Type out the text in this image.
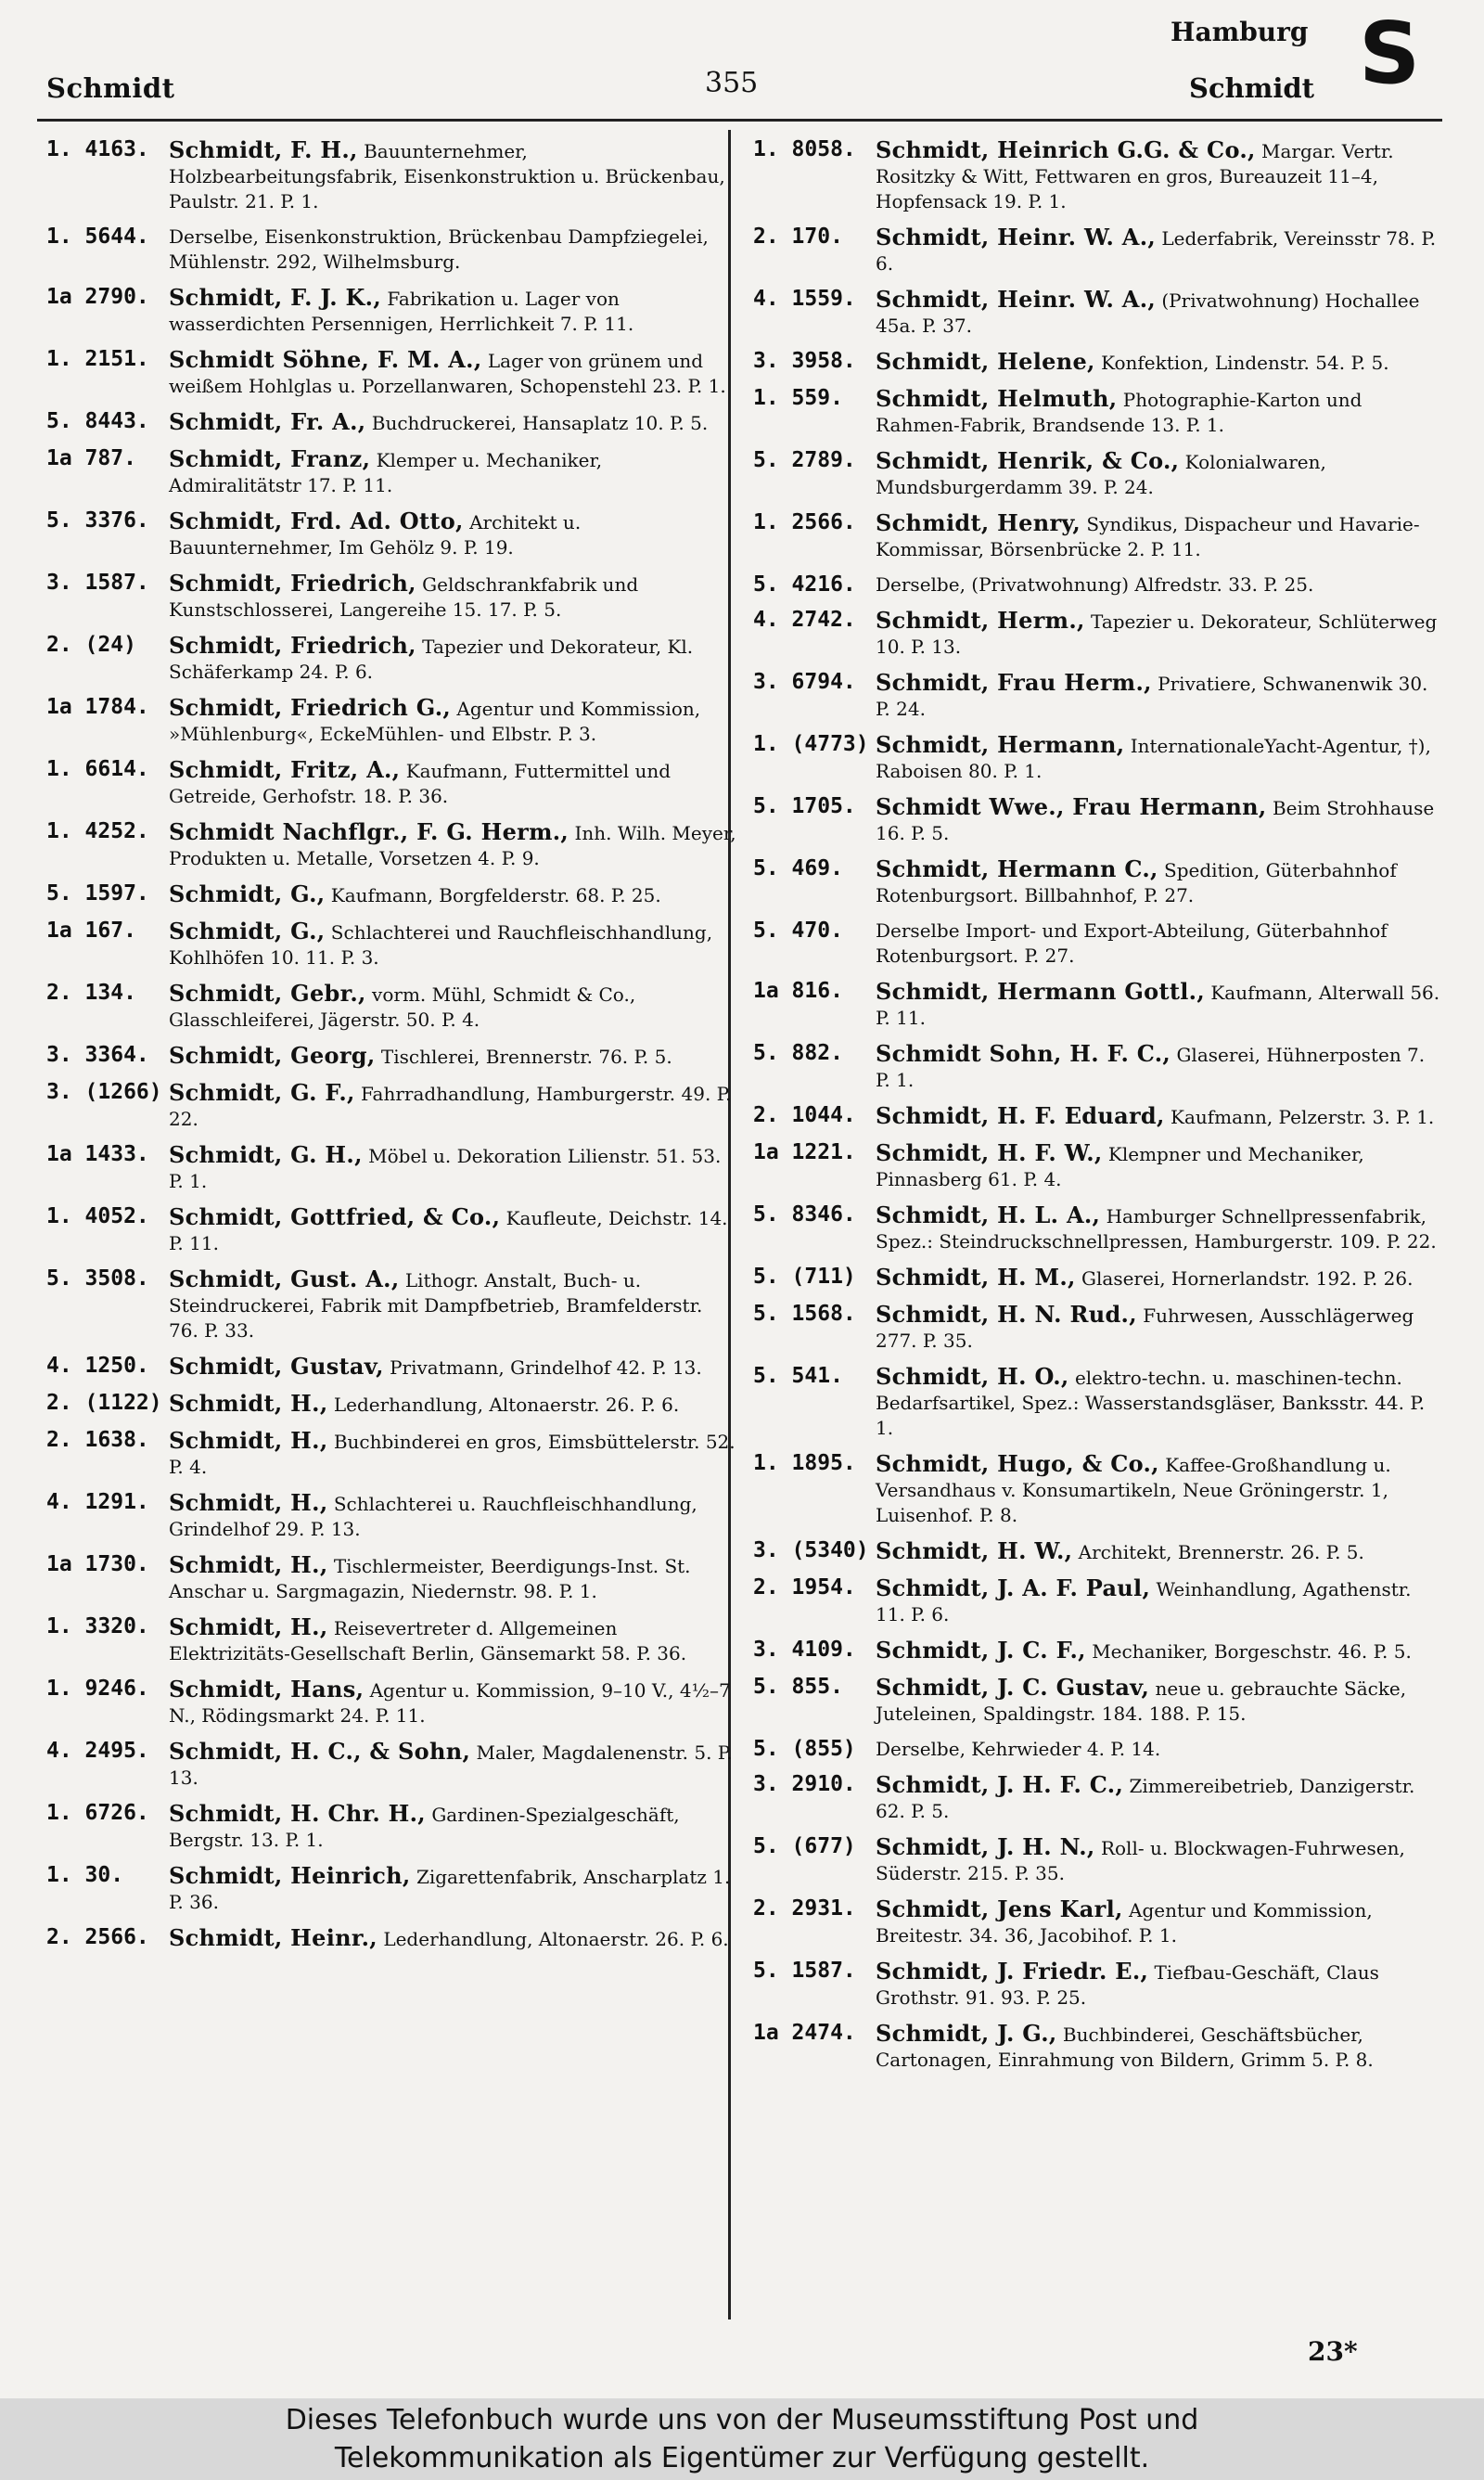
Schmidt	355
Hamburg
Schmidt S
1. 4163. Schmidt, F. H., Bauunternehmer, Holzbearbeitungsfabrik, Eisenkonstruktion u. Brückenbau, Paulstr. 21. P. 1.
1. 5644.	Derselbe, Eisenkonstruktion, Brückenbau Dampfziegelei, Mühlenstr. 292, Wilhelmsburg.
1a 2790. Schmidt, F. J. K., Fabrikation u. Lager von wasserdichten Persennigen, Herrlichkeit 7. P. 11.
1. 2151. Schmidt Söhne, F. M. A., Lager von grünem und weißem Hohlglas u. Porzellanwaren, Schopenstehl 23. P. 1.
5. 8443. Schmidt, Fr. A., Buchdruckerei, Hansaplatz 10. P. 5.
1a 787.	Schmidt, Franz, Klemper u. Mechaniker, Admiralitätstr 17. P. 11.
5. 3376. Schmidt, Frd. Ad. Otto, Architekt u. Bauunternehmer, Im Gehölz 9. P. 19.
3. 1587. Schmidt, Friedrich, Geldschrankfabrik und Kunstschlosserei, Langereihe 15. 17. P. 5.
2. (24)	Schmidt, Friedrich, Tapezier und Dekorateur, Kl. Schäferkamp 24. P. 6.
1a 1784. Schmidt, Friedrich G., Agentur und Kommission, »Mühlenburg«, EckeMühlen- und Elbstr. P. 3.
1. 6614. Schmidt, Fritz, A., Kaufmann, Futtermittel und Getreide, Gerhofstr. 18. P. 36.
1. 4252. Schmidt Nachflgr., F. G. Herm., Inh. Wilh. Meyer, Produkten u. Metalle, Vorsetzen 4. P. 9.
5. 1597. Schmidt, G., Kaufmann, Borgfelderstr. 68. P. 25.
1a 167.	Schmidt, G., Schlachterei und Rauchfleischhandlung, Kohlhöfen 10. 11. P. 3.
2. 134.	Schmidt, Gebr., vorm. Mühl, Schmidt & Co., Glasschleiferei, Jägerstr. 50. P. 4.
3. 3364. Schmidt, Georg, Tischlerei, Brennerstr. 76. P. 5.
3. (1266) Schmidt, G. F., Fahrradhandlung, Hamburgerstr. 49. P. 22.
1a 1433. Schmidt, G. H., Möbel u. Dekoration Lilienstr. 51. 53. P. 1.
1. 4052. Schmidt, Gottfried, & Co., Kaufleute, Deichstr. 14. P. 11.
5. 3508. Schmidt, Gust. A., Lithogr. Anstalt, Buch- u. Steindruckerei, Fabrik mit Dampfbetrieb, Bramfelderstr. 76. P. 33.
4. 1250. Schmidt, Gustav, Privatmann, Grindelhof 42. P. 13.
2. (1122) Schmidt, H., Lederhandlung, Altonaerstr. 26. P. 6.
2. 1638. Schmidt, H., Buchbinderei en gros, Eimsbüttelerstr. 52. P. 4.
4. 1291. Schmidt, H., Schlachterei u. Rauchfleischhandlung, Grindelhof 29. P. 13.
1a 1730. Schmidt, H., Tischlermeister, Beerdigungs-Inst. St. Anschar u. Sargmagazin, Niedernstr. 98. P. 1.
1. 3320. Schmidt, H., Reisevertreter d. Allgemeinen Elektrizitäts-Gesellschaft Berlin, Gänsemarkt 58. P. 36.
1. 9246. Schmidt, Hans, Agentur u. Kommission, 9–10 V., 4½–7 N., Rödingsmarkt 24. P. 11.
4. 2495. Schmidt, H. C., & Sohn, Maler, Magdalenenstr. 5. P. 13.
1. 6726. Schmidt, H. Chr. H., Gardinen-Spezialgeschäft, Bergstr. 13. P. 1.
1. 30.	Schmidt, Heinrich, Zigarettenfabrik, Anscharplatz 1. P. 36.
2. 2566. Schmidt, Heinr., Lederhandlung, Altonaerstr. 26. P. 6.
1. 8058. Schmidt, Heinrich G.G. & Co., Margar. Vertr. Rositzky & Witt, Fettwaren en gros, Bureauzeit 11–4, Hopfensack 19. P. 1.
2. 170.	Schmidt, Heinr. W. A., Lederfabrik, Vereinsstr 78. P. 6.
4. 1559. Schmidt, Heinr. W. A., (Privatwohnung) Hochallee 45a. P. 37.
3. 3958. Schmidt, Helene, Konfektion, Lindenstr. 54. P. 5.
1. 559.	Schmidt, Helmuth, Photographie-Karton und Rahmen-Fabrik, Brandsende 13. P. 1.
5. 2789. Schmidt, Henrik, & Co., Kolonialwaren, Mundsburgerdamm 39. P. 24.
1. 2566. Schmidt, Henry, Syndikus, Dispacheur und Havarie-Kommissar, Börsenbrücke 2. P. 11.
5. 4216.	Derselbe, (Privatwohnung) Alfredstr. 33. P. 25.
4. 2742. Schmidt, Herm., Tapezier u. Dekorateur, Schlüterweg 10. P. 13.
3. 6794. Schmidt, Frau Herm., Privatiere, Schwanenwik 30. P. 24.
1. (4773) Schmidt, Hermann, InternationaleYacht-Agentur, †), Raboisen 80. P. 1.
5. 1705. Schmidt Wwe., Frau Hermann, Beim Strohhause 16. P. 5.
5. 469.	Schmidt, Hermann C., Spedition, Güterbahnhof Rotenburgsort. Billbahnhof, P. 27.
5. 470.	Derselbe Import- und Export-Abteilung, Güterbahnhof Rotenburgsort. P. 27.
1a 816.	Schmidt, Hermann Gottl., Kaufmann, Alterwall 56. P. 11.
5. 882.	Schmidt Sohn, H. F. C., Glaserei, Hühnerposten 7. P. 1.
2. 1044. Schmidt, H. F. Eduard, Kaufmann, Pelzerstr. 3. P. 1.
1a 1221. Schmidt, H. F. W., Klempner und Mechaniker, Pinnasberg 61. P. 4.
5. 8346. Schmidt, H. L. A., Hamburger Schnellpressenfabrik, Spez.: Steindruckschnellpressen, Hamburgerstr. 109. P. 22.
5. (711) Schmidt, H. M., Glaserei, Hornerlandstr. 192. P. 26.
5. 1568. Schmidt, H. N. Rud., Fuhrwesen, Ausschlägerweg 277. P. 35.
5. 541.	Schmidt, H. O., elektro-techn. u. maschinen-techn. Bedarfsartikel, Spez.: Wasserstandsgläser, Banksstr. 44. P. 1.
1. 1895. Schmidt, Hugo, & Co., Kaffee-Großhandlung u. Versandhaus v. Konsumartikeln, Neue Gröningerstr. 1, Luisenhof. P. 8.
3. (5340) Schmidt, H. W., Architekt, Brennerstr. 26. P. 5.
2. 1954. Schmidt, J. A. F. Paul, Weinhandlung, Agathenstr. 11. P. 6.
3. 4109. Schmidt, J. C. F., Mechaniker, Borgeschstr. 46. P. 5.
5. 855.	Schmidt, J. C. Gustav, neue u. gebrauchte Säcke, Juteleinen, Spaldingstr. 184. 188. P. 15.
5. (855)	Derselbe, Kehrwieder 4. P. 14.
3. 2910. Schmidt, J. H. F. C., Zimmereibetrieb, Danzigerstr. 62. P. 5.
5. (677) Schmidt, J. H. N., Roll- u. Blockwagen-Fuhrwesen, Süderstr. 215. P. 35.
2. 2931. Schmidt, Jens Karl, Agentur und Kommission, Breitestr. 34. 36, Jacobihof. P. 1.
5. 1587. Schmidt, J. Friedr. E., Tiefbau-Geschäft, Claus Grothstr. 91. 93. P. 25.
1a 2474. Schmidt, J. G., Buchbinderei, Geschäftsbücher, Cartonagen, Einrahmung von Bildern, Grimm 5. P. 8.
23*
Dieses Telefonbuch wurde uns von der Museumsstiftung Post und
Telekommunikation als Eigentümer zur Verfügung gestellt.
